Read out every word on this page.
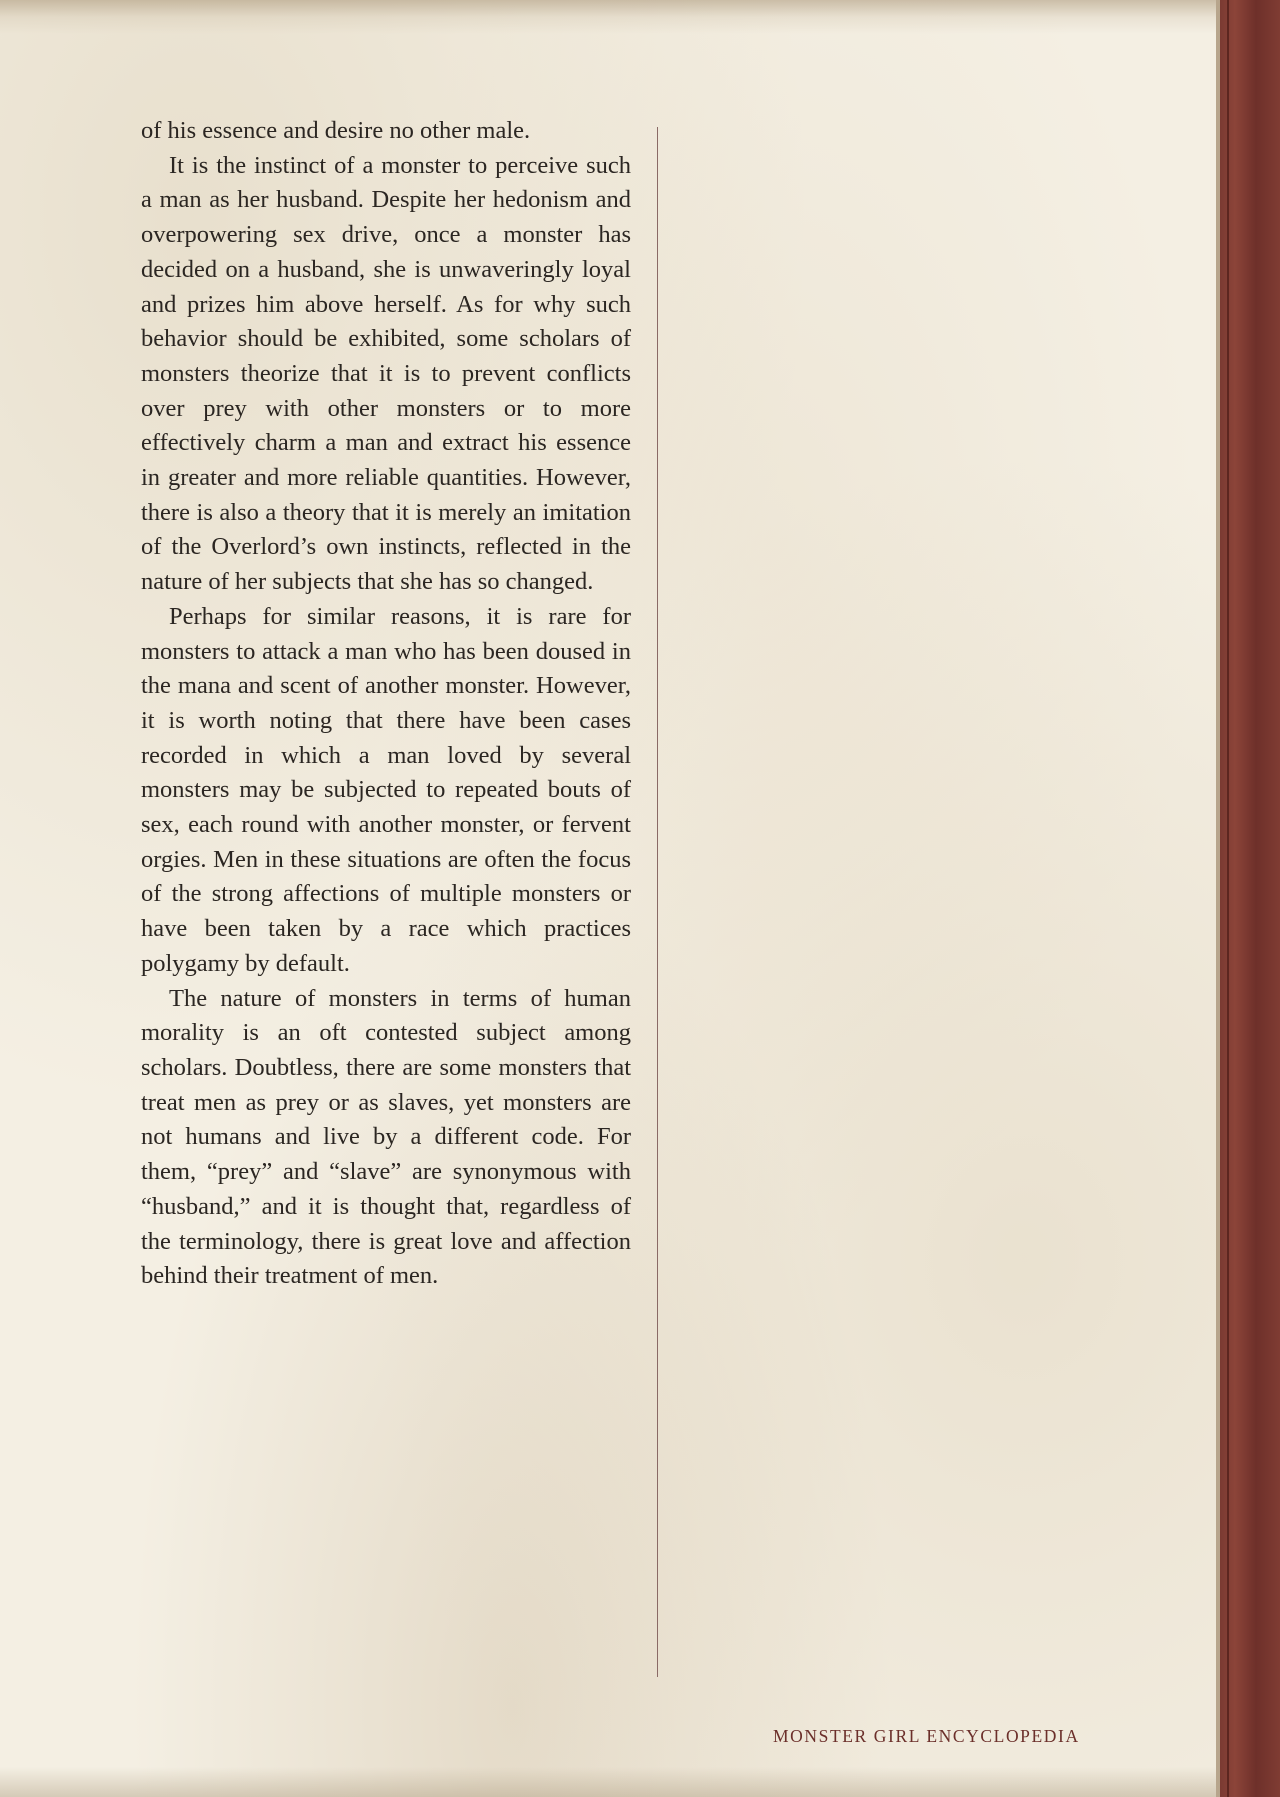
of his essence and desire no other male.

It is the instinct of a monster to perceive such a man as her husband. Despite her hedonism and overpowering sex drive, once a monster has decided on a husband, she is unwaveringly loyal and prizes him above herself. As for why such behavior should be exhibited, some scholars of monsters theorize that it is to prevent conflicts over prey with other monsters or to more effectively charm a man and extract his essence in greater and more reliable quantities. However, there is also a theory that it is merely an imitation of the Overlord’s own instincts, reflected in the nature of her subjects that she has so changed.

Perhaps for similar reasons, it is rare for monsters to attack a man who has been doused in the mana and scent of another monster. However, it is worth noting that there have been cases recorded in which a man loved by several monsters may be subjected to repeated bouts of sex, each round with another monster, or fervent orgies. Men in these situations are often the focus of the strong affections of multiple monsters or have been taken by a race which practices polygamy by default.

The nature of monsters in terms of human morality is an oft contested subject among scholars. Doubtless, there are some monsters that treat men as prey or as slaves, yet monsters are not humans and live by a different code. For them, “prey” and “slave” are synonymous with “husband,” and it is thought that, regardless of the terminology, there is great love and affection behind their treatment of men.

MONSTER GIRL ENCYCLOPEDIA
